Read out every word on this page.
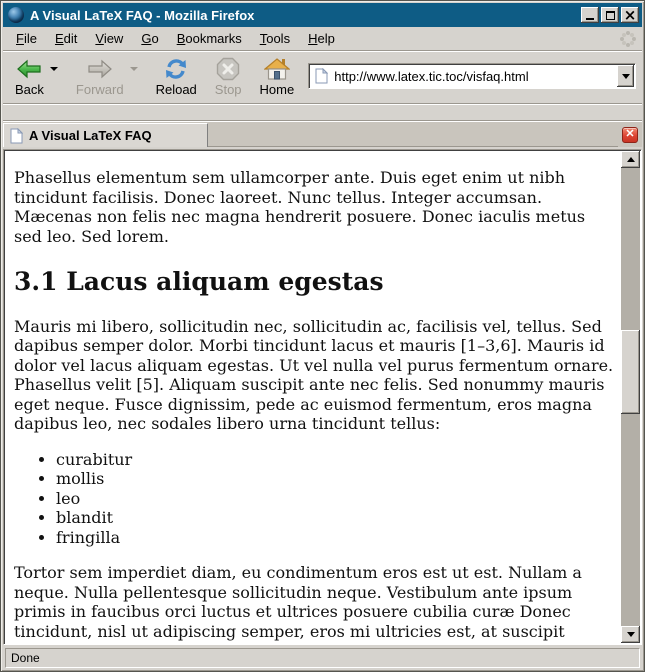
A Visual LaTeX FAQ - Mozilla Firefox	×
File	Edit	View	Go	Bookmarks	Tools	Help
Back Forward Reload Stop Home
http://www.latex.tic.toc/visfaq.html
A Visual LaTeX FAQ	✕

Phasellus elementum sem ullamcorper ante. Duis eget enim ut nibh tincidunt facilisis. Donec laoreet. Nunc tellus. Integer accumsan. Mæcenas non felis nec magna hendrerit posuere. Donec iaculis metus sed leo. Sed lorem.

3.1 Lacus aliquam egestas

Mauris mi libero, sollicitudin nec, sollicitudin ac, facilisis vel, tellus. Sed dapibus semper dolor. Morbi tincidunt lacus et mauris [1–3,6]. Mauris id dolor vel lacus aliquam egestas. Ut vel nulla vel purus fermentum ornare. Phasellus velit [5]. Aliquam suscipit ante nec felis. Sed nonummy mauris eget neque. Fusce dignissim, pede ac euismod fermentum, eros magna dapibus leo, nec sodales libero urna tincidunt tellus:

• curabitur
• mollis
• leo
• blandit
• fringilla

Tortor sem imperdiet diam, eu condimentum eros est ut est. Nullam a neque. Nulla pellentesque sollicitudin neque. Vestibulum ante ipsum primis in faucibus orci luctus et ultrices posuere cubilia curæ Donec tincidunt, nisl ut adipiscing semper, eros mi ultricies est, at suscipit

Done
